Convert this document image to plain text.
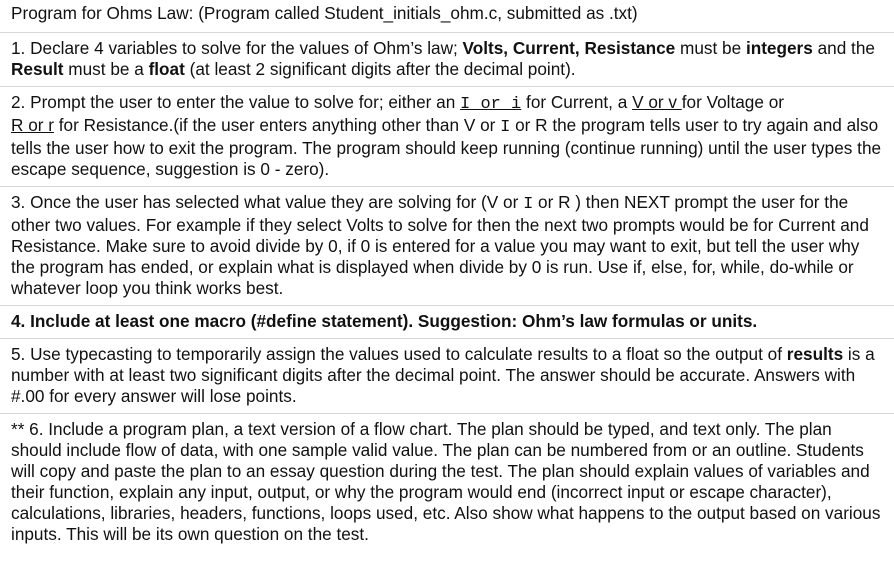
Program for Ohms Law: (Program called Student_initials_ohm.c, submitted as .txt)
1. Declare 4 variables to solve for the values of Ohm’s law; Volts, Current, Resistance must be integers and the Result must be a float (at least 2 significant digits after the decimal point).
2. Prompt the user to enter the value to solve for; either an I or i for Current, a V or v for Voltage or
R or r for Resistance.(if the user enters anything other than V or I or R the program tells user to try again and also tells the user how to exit the program. The program should keep running (continue running) until the user types the escape sequence, suggestion is 0 - zero).
3. Once the user has selected what value they are solving for (V or I or R ) then NEXT prompt the user for the other two values. For example if they select Volts to solve for then the next two prompts would be for Current and Resistance. Make sure to avoid divide by 0, if 0 is entered for a value you may want to exit, but tell the user why the program has ended, or explain what is displayed when divide by 0 is run. Use if, else, for, while, do-while or whatever loop you think works best.
4. Include at least one macro (#define statement). Suggestion: Ohm’s law formulas or units.
5. Use typecasting to temporarily assign the values used to calculate results to a float so the output of results is a number with at least two significant digits after the decimal point. The answer should be accurate. Answers with #.00 for every answer will lose points.
** 6. Include a program plan, a text version of a flow chart. The plan should be typed, and text only. The plan should include flow of data, with one sample valid value. The plan can be numbered from or an outline. Students will copy and paste the plan to an essay question during the test. The plan should explain values of variables and their function, explain any input, output, or why the program would end (incorrect input or escape character), calculations, libraries, headers, functions, loops used, etc. Also show what happens to the output based on various inputs. This will be its own question on the test.
